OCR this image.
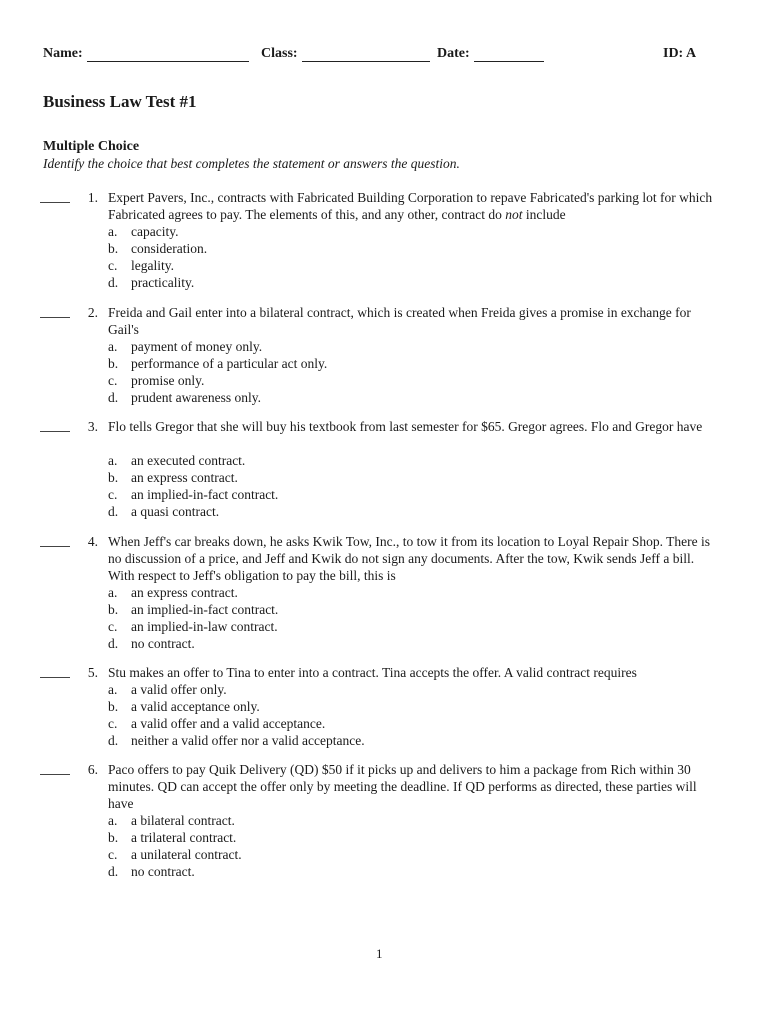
Name:	Class:	Date:	ID: A
Business Law Test #1
Multiple Choice

Identify the choice that best completes the statement or answers the question.

1. Expert Pavers, Inc., contracts with Fabricated Building Corporation to repave Fabricated's parking lot for which Fabricated agrees to pay. The elements of this, and any other, contract do not include
a. capacity.
b. consideration.
c. legality.
d. practicality.
2. Freida and Gail enter into a bilateral contract, which is created when Freida gives a promise in exchange for Gail's
a. payment of money only.
b. performance of a particular act only.
c. promise only.
d. prudent awareness only.
3. Flo tells Gregor that she will buy his textbook from last semester for $65. Gregor agrees. Flo and Gregor have
a. an executed contract.
b. an express contract.
c. an implied-in-fact contract.
d. a quasi contract.
4. When Jeff's car breaks down, he asks Kwik Tow, Inc., to tow it from its location to Loyal Repair Shop. There is no discussion of a price, and Jeff and Kwik do not sign any documents. After the tow, Kwik sends Jeff a bill. With respect to Jeff's obligation to pay the bill, this is
a. an express contract.
b. an implied-in-fact contract.
c. an implied-in-law contract.
d. no contract.
5. Stu makes an offer to Tina to enter into a contract. Tina accepts the offer. A valid contract requires
a. a valid offer only.
b. a valid acceptance only.
c. a valid offer and a valid acceptance.
d. neither a valid offer nor a valid acceptance.
6. Paco offers to pay Quik Delivery (QD) $50 if it picks up and delivers to him a package from Rich within 30 minutes. QD can accept the offer only by meeting the deadline. If QD performs as directed, these parties will have
a. a bilateral contract.
b. a trilateral contract.
c. a unilateral contract.
d. no contract.
1
